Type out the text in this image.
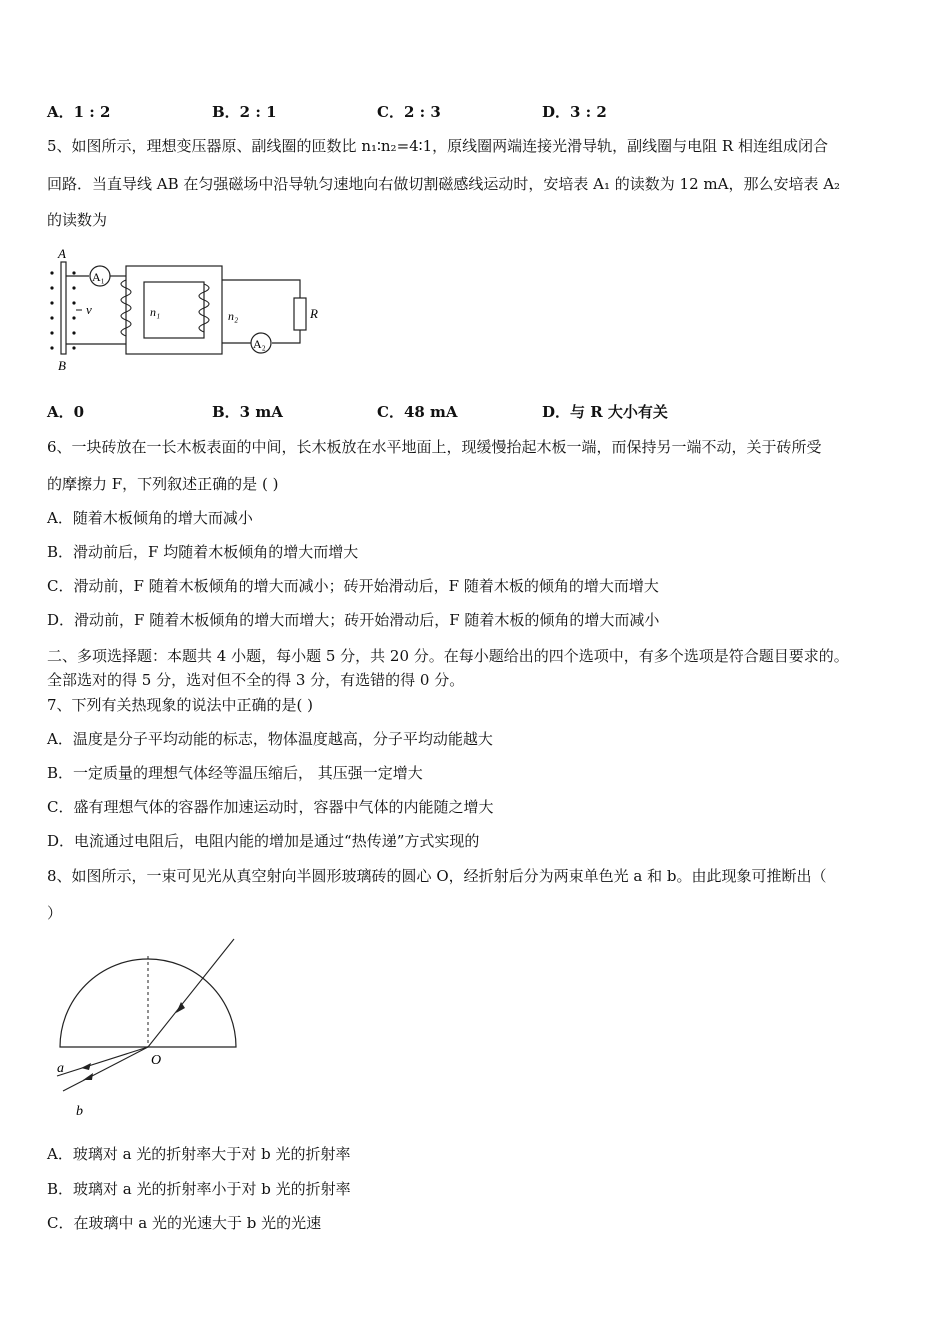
A．1 : 2	B．2 : 1	C．2 : 3	D．3 : 2
5、如图所示，理想变压器原、副线圈的匝数比 n₁∶n₂=4∶1，原线圈两端连接光滑导轨，副线圈与电阻 R 相连组成闭合
回路．当直导线 AB 在匀强磁场中沿导轨匀速地向右做切割磁感线运动时，安培表 A₁ 的读数为 12 mA，那么安培表 A₂
的读数为
A
B
v
A₁
n₁	n₂	R
A₂
A．0	B．3 mA	C．48 mA	D．与 R 大小有关
6、一块砖放在一长木板表面的中间，长木板放在水平地面上，现缓慢抬起木板一端，而保持另一端不动，关于砖所受
的摩擦力 F，下列叙述正确的是 ( )
A．随着木板倾角的增大而减小
B．滑动前后，F 均随着木板倾角的增大而增大
C．滑动前，F 随着木板倾角的增大而减小；砖开始滑动后，F 随着木板的倾角的增大而增大
D．滑动前，F 随着木板倾角的增大而增大；砖开始滑动后，F 随着木板的倾角的增大而减小
二、多项选择题：本题共 4 小题，每小题 5 分，共 20 分。在每小题给出的四个选项中，有多个选项是符合题目要求的。
全部选对的得 5 分，选对但不全的得 3 分，有选错的得 0 分。
7、下列有关热现象的说法中正确的是( )
A．温度是分子平均动能的标志，物体温度越高，分子平均动能越大
B．一定质量的理想气体经等温压缩后， 其压强一定增大
C．盛有理想气体的容器作加速运动时，容器中气体的内能随之增大
D．电流通过电阻后，电阻内能的增加是通过“热传递”方式实现的
8、如图所示，一束可见光从真空射向半圆形玻璃砖的圆心 O，经折射后分为两束单色光 a 和 b。由此现象可推断出（
）
O
a
b
A．玻璃对 a 光的折射率大于对 b 光的折射率
B．玻璃对 a 光的折射率小于对 b 光的折射率
C．在玻璃中 a 光的光速大于 b 光的光速
